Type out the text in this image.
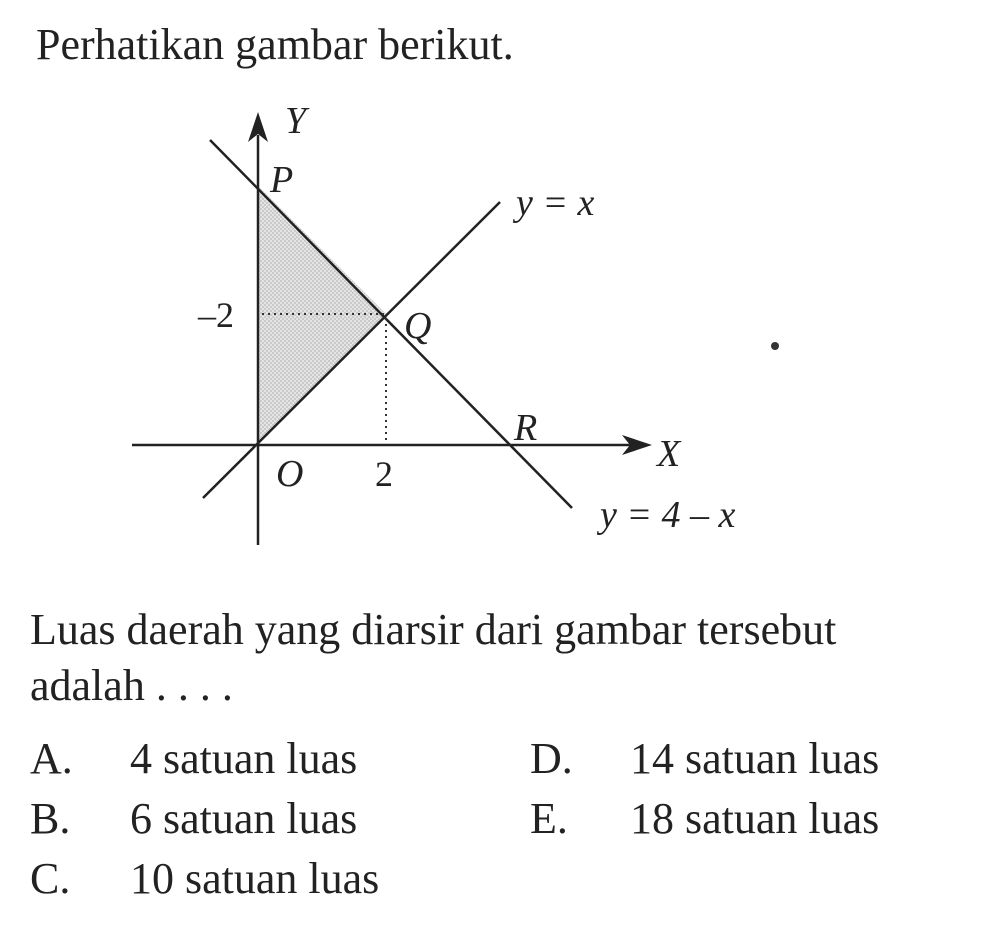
Perhatikan gambar berikut.
Y
X
P
Q
R
O
–2
2
y = x
y = 4 – x

Luas daerah yang diarsir dari gambar tersebut
adalah . . . .

A. 4 satuan luas
B. 6 satuan luas
C. 10 satuan luas
D. 14 satuan luas
E. 18 satuan luas
